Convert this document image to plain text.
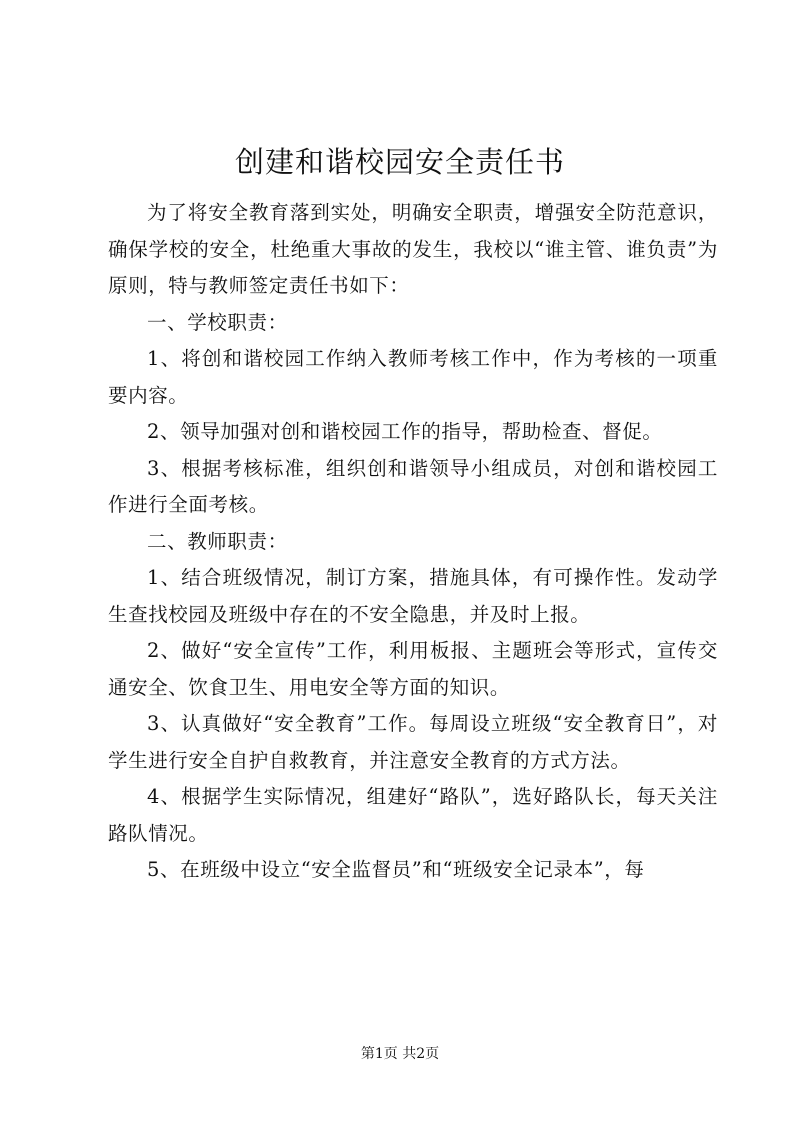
创建和谐校园安全责任书

为了将安全教育落到实处，明确安全职责，增强安全防范意识，确保学校的安全，杜绝重大事故的发生，我校以“谁主管、谁负责”为原则，特与教师签定责任书如下：

一、学校职责：

1、将创和谐校园工作纳入教师考核工作中，作为考核的一项重要内容。

2、领导加强对创和谐校园工作的指导，帮助检查、督促。

3、根据考核标准，组织创和谐领导小组成员，对创和谐校园工作进行全面考核。

二、教师职责：

1、结合班级情况，制订方案，措施具体，有可操作性。发动学生查找校园及班级中存在的不安全隐患，并及时上报。

2、做好“安全宣传”工作，利用板报、主题班会等形式，宣传交通安全、饮食卫生、用电安全等方面的知识。

3、认真做好“安全教育”工作。每周设立班级“安全教育日”，对学生进行安全自护自救教育，并注意安全教育的方式方法。

4、根据学生实际情况，组建好“路队”，选好路队长，每天关注路队情况。

5、在班级中设立“安全监督员”和“班级安全记录本”，每

第1页 共2页
